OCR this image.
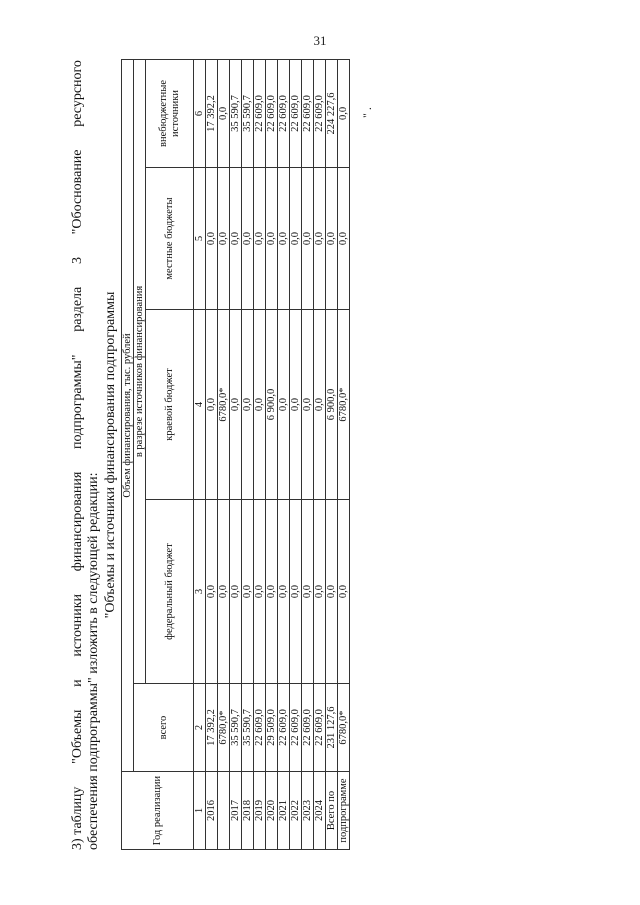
31
3) таблицу
"Объемы
и
источники
финансирования
подпрограммы"
раздела
3
"Обоснование
ресурсного
обеспечения подпрограммы" изложить в следующей редакции:
"Объемы и источники финансирования подпрограммы
Год реализации	Объем финансирования, тыс. рублей				
	всего	в разрезе источников финансирования			
		федеральный бюджет	краевой бюджет	местные бюджеты	внебюджетные источники
1	2	3	4	5	6
2016	17 392,2	0,0	0,0	0,0	17 392,2
	6780,0*	0,0	6780,0*	0,0	0,0
2017	35 590,7	0,0	0,0	0,0	35 590,7
2018	35 590,7	0,0	0,0	0,0	35 590,7
2019	22 609,0	0,0	0,0	0,0	22 609,0
2020	29 509,0	0,0	6 900,0	0,0	22 609,0
2021	22 609,0	0,0	0,0	0,0	22 609,0
2022	22 609,0	0,0	0,0	0,0	22 609,0
2023	22 609,0	0,0	0,0	0,0	22 609,0
2024	22 609,0	0,0	0,0	0,0	22 609,0
Всего по	231 127,6	0,0	6 900,0	0,0	224 227,6
подпрограмме	6780,0*	0,0	6780,0*	0,0	0,0 " .
